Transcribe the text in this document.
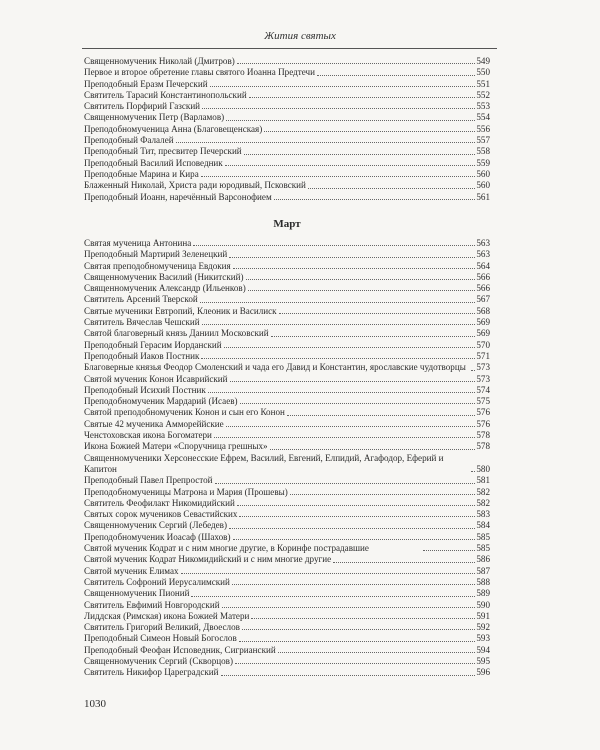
Жития святых
Священномученик Николай (Дмитров)	549
Первое и второе обретение главы святого Иоанна Предтечи	550
Преподобный Еразм Печерский	551
Святитель Тарасий Константинопольский	552
Святитель Порфирий Газский	553
Священномученик Петр (Варламов)	554
Преподобномученица Анна (Благовещенская)	556
Преподобный Фалалей	557
Преподобный Тит, пресвитер Печерский	558
Преподобный Василий Исповедник	559
Преподобные Марина и Кира	560
Блаженный Николай, Христа ради юродивый, Псковский	560
Преподобный Иоанн, наречённый Варсонофием	561
Март
Святая мученица Антонина	563
Преподобный Мартирий Зеленецкий	563
Святая преподобномученица Евдокия	564
Священномученик Василий (Никитский)	566
Священномученик Александр (Ильенков)	566
Святитель Арсений Тверской	567
Святые мученики Евтропий, Клеоник и Василиск	568
Святитель Вячеслав Чешский	569
Святой благоверный князь Даниил Московский	569
Преподобный Герасим Иорданский	570
Преподобный Иаков Постник	571
Благоверные князья Феодор Смоленский и чада его Давид и Константин, ярославские чудотворцы	573
Святой мученик Конон Исаврийский	573
Преподобный Исихий Постник	574
Преподобномученик Мардарий (Исаев)	575
Святой преподобномученик Конон и сын его Конон	576
Святые 42 мученика Аммореййские	576
Ченстоховская икона Богоматери	578
Икона Божией Матери «Споручница грешных»	578
Священномученики Херсонесские Ефрем, Василий, Евгений, Елпидий, Агафодор, Еферий и Капитон	580
Преподобный Павел Препростой	581
Преподобномученицы Матрона и Мария (Прошевы)	582
Святитель Феофилакт Никомидийский	582
Святых сорок мучеников Севастийских	583
Священномученик Сергий (Лебедев)	584
Преподобномученик Иоасаф (Шахов)	585
Святой мученик Кодрат и с ним многие другие, в Коринфе пострадавшие	585
Святой мученик Кодрат Никомидийский и с ним многие другие	586
Святой мученик Елимах	587
Святитель Софроний Иерусалимский	588
Священномученик Пионий	589
Святитель Евфимий Новгородский	590
Лиддская (Римская) икона Божией Матери	591
Святитель Григорий Великий, Двоеслов	592
Преподобный Симеон Новый Богослов	593
Преподобный Феофан Исповедник, Сигрианский	594
Священномученик Сергий (Скворцов)	595
Святитель Никифор Цареградский	596
1030
